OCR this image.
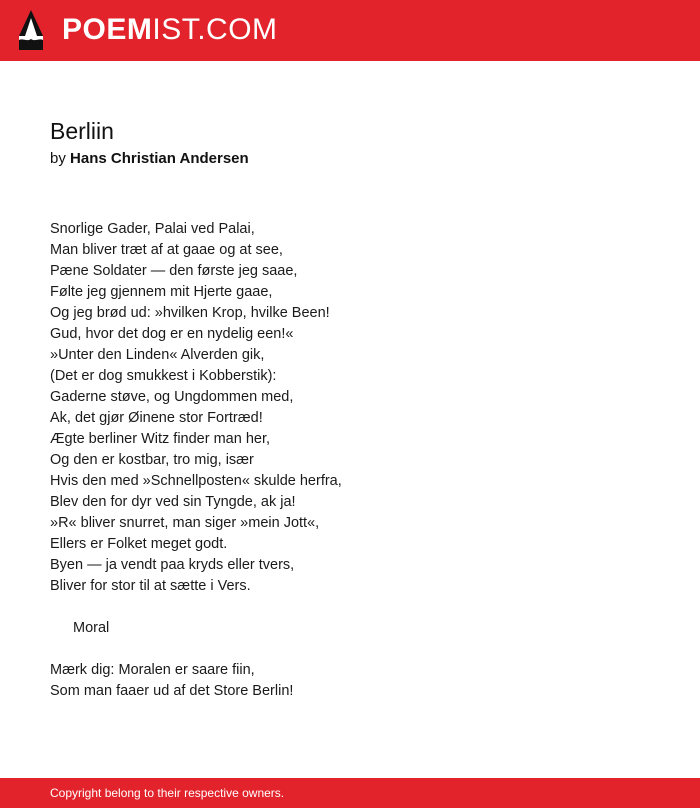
POEMIST.COM
Berliin
by Hans Christian Andersen
Snorlige Gader, Palai ved Palai,
Man bliver træt af at gaae og at see,
Pæne Soldater — den første jeg saae,
Følte jeg gjennem mit Hjerte gaae,
Og jeg brød ud: »hvilken Krop, hvilke Been!
Gud, hvor det dog er en nydelig een!«
»Unter den Linden« Alverden gik,
(Det er dog smukkest i Kobberstik):
Gaderne støve, og Ungdommen med,
Ak, det gjør Øinene stor Fortræd!
Ægte berliner Witz finder man her,
Og den er kostbar, tro mig, især
Hvis den med »Schnellposten« skulde herfra,
Blev den for dyr ved sin Tyngde, ak ja!
»R« bliver snurret, man siger »mein Jott«,
Ellers er Folket meget godt.
Byen — ja vendt paa kryds eller tvers,
Bliver for stor til at sætte i Vers.
Moral
Mærk dig: Moralen er saare fiin,
Som man faaer ud af det Store Berlin!
Copyright belong to their respective owners.
